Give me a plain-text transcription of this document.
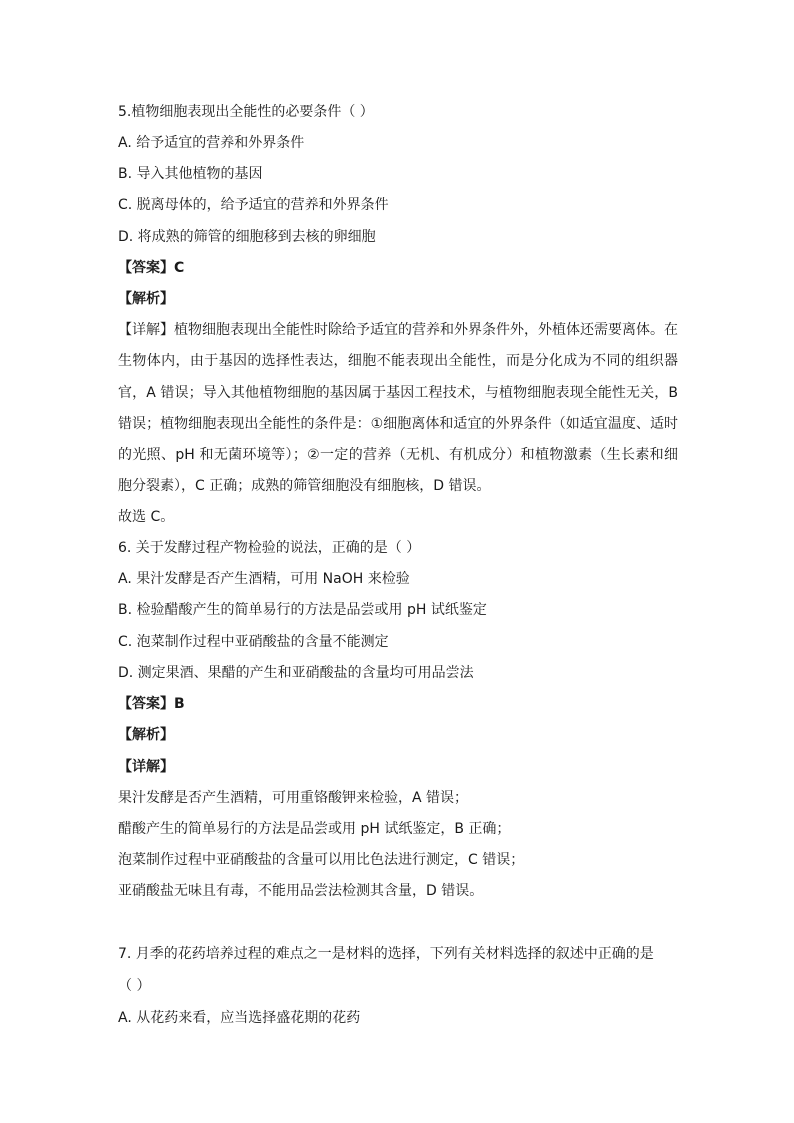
5.植物细胞表现出全能性的必要条件（ ）
A. 给予适宜的营养和外界条件
B. 导入其他植物的基因
C. 脱离母体的，给予适宜的营养和外界条件
D. 将成熟的筛管的细胞移到去核的卵细胞
【答案】C
【解析】
【详解】植物细胞表现出全能性时除给予适宜的营养和外界条件外，外植体还需要离体。在生物体内，由于基因的选择性表达，细胞不能表现出全能性，而是分化成为不同的组织器官，A 错误；导入其他植物细胞的基因属于基因工程技术，与植物细胞表现全能性无关，B 错误；植物细胞表现出全能性的条件是：①细胞离体和适宜的外界条件（如适宜温度、适时的光照、pH 和无菌环境等）；②一定的营养（无机、有机成分）和植物激素（生长素和细胞分裂素），C 正确；成熟的筛管细胞没有细胞核，D 错误。
故选 C。
6. 关于发酵过程产物检验的说法，正确的是（ ）
A. 果汁发酵是否产生酒精，可用 NaOH 来检验
B. 检验醋酸产生的简单易行的方法是品尝或用 pH 试纸鉴定
C. 泡菜制作过程中亚硝酸盐的含量不能测定
D. 测定果酒、果醋的产生和亚硝酸盐的含量均可用品尝法
【答案】B
【解析】
【详解】
果汁发酵是否产生酒精，可用重铬酸钾来检验，A 错误；
醋酸产生的简单易行的方法是品尝或用 pH 试纸鉴定，B 正确；
泡菜制作过程中亚硝酸盐的含量可以用比色法进行测定，C 错误；
亚硝酸盐无味且有毒，不能用品尝法检测其含量，D 错误。
7. 月季的花药培养过程的难点之一是材料的选择，下列有关材料选择的叙述中正确的是
（ ）
A. 从花药来看，应当选择盛花期的花药
